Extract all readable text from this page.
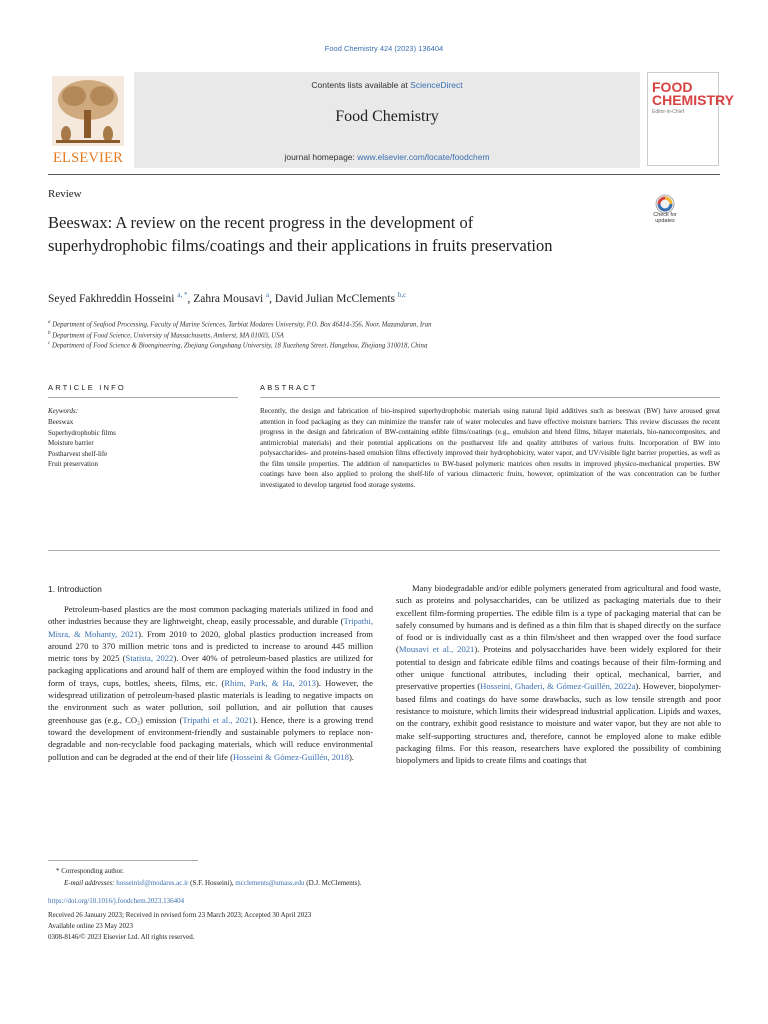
Food Chemistry 424 (2023) 136404
ELSEVIER
Contents lists available at ScienceDirect
Food Chemistry
journal homepage: www.elsevier.com/locate/foodchem
FOOD CHEMISTRY
Editor-in-Chief
Review
Beeswax: A review on the recent progress in the development of superhydrophobic films/coatings and their applications in fruits preservation
Check for updates
Seyed Fakhreddin Hosseini $^{a, *}$, Zahra Mousavi $^a$, David Julian McClements $^{b,c}$
$^a$ Department of Seafood Processing, Faculty of Marine Sciences, Tarbiat Modares University, P.O. Box 46414-356, Noor, Mazandaran, Iran
$^b$ Department of Food Science, University of Massachusetts, Amherst, MA 01003, USA
$^c$ Department of Food Science & Bioengineering, Zhejiang Gongshang University, 18 Xuezheng Street, Hangzhou, Zhejiang 310018, China
ARTICLE INFO	ABSTRACT
Keywords:
Beeswax
Superhydrophobic films
Moisture barrier
Postharvest shelf-life
Fruit preservation
Recently, the design and fabrication of bio-inspired superhydrophobic materials using natural lipid additives such as beeswax (BW) have aroused great attention in food packaging as they can minimize the transfer rate of water molecules and have effective moisture barriers. This review discusses the recent progress in the design and fabrication of BW-containing edible films/coatings (e.g., emulsion and blend films, bilayer materials, bio-nanocomposites, and antimicrobial materials) and their potential applications on the postharvest life and quality attributes of various fruits. Incorporation of BW into polysaccharides- and proteins-based emulsion films effectively improved their hydrophobicity, water vapor, and UV/visible light barrier properties, as well as the film tensile properties. The addition of nanoparticles to BW-based polymeric matrices often results in improved physico-mechanical properties. BW coatings have been also applied to prolong the shelf-life of various climacteric fruits, however, optimization of the wax concentration can be further investigated to develop targeted food storage systems.
1. Introduction
Petroleum-based plastics are the most common packaging materials utilized in food and other industries because they are lightweight, cheap, easily processable, and durable (Tripathi, Misra, & Mohanty, 2021). From 2010 to 2020, global plastics production increased from around 270 to 370 million metric tons and is predicted to increase to around 445 million metric tons by 2025 (Statista, 2022). Over 40% of petroleum-based plastics are utilized for packaging applications and around half of them are employed within the food industry in the form of trays, cups, bottles, sheets, films, etc. (Rhim, Park, & Ha, 2013). However, the widespread utilization of petroleum-based plastic materials is leading to negative impacts on the environment such as water pollution, soil pollution, and air pollution that causes greenhouse gas (e.g., CO₂) emission (Tripathi et al., 2021). Hence, there is a growing trend toward the development of environment-friendly and sustainable polymers to replace non-degradable and non-recyclable food packaging materials, which will reduce environmental pollution and can be degraded at the end of their life (Hosseini & Gómez-Guillén, 2018).
Many biodegradable and/or edible polymers generated from agricultural and food waste, such as proteins and polysaccharides, can be utilized as packaging materials due to their excellent film-forming properties. The edible film is a type of packaging material that can be safely consumed by humans and is defined as a thin film that is shaped directly on the surface of food or is individually cast as a thin film/sheet and then wrapped over the food surface (Mousavi et al., 2021). Proteins and polysaccharides have been widely explored for their potential to design and fabricate edible films and coatings because of their film-forming and other unique functional attributes, including their optical, mechanical, barrier, and preservative properties (Hosseini, Ghaderi, & Gómez-Guillén, 2022a). However, biopolymer-based films and coatings do have some drawbacks, such as low tensile strength and poor resistance to moisture, which limits their widespread industrial application. Lipids and waxes, on the contrary, exhibit good resistance to moisture and water vapor, but they are not able to make self-supporting structures and, therefore, cannot be employed alone to make edible packaging films. For this reason, researchers have explored the possibility of combining biopolymers and lipids to create films and coatings that
* Corresponding author.
E-mail addresses: hosseinisf@modares.ac.ir (S.F. Hosseini), mcclements@umass.edu (D.J. McClements).
https://doi.org/10.1016/j.foodchem.2023.136404
Received 26 January 2023; Received in revised form 23 March 2023; Accepted 30 April 2023
Available online 23 May 2023
0308-8146/© 2023 Elsevier Ltd. All rights reserved.
